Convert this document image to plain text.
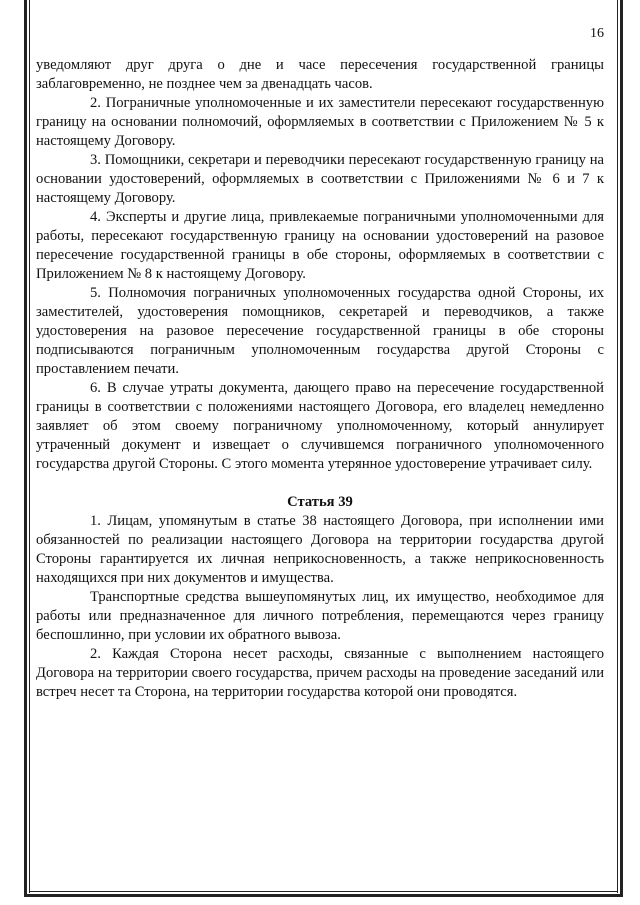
16

уведомляют друг друга о дне и часе пересечения государственной границы заблаговременно, не позднее чем за двенадцать часов.

2. Пограничные уполномоченные и их заместители пересекают государственную границу на основании полномочий, оформляемых в соответствии с Приложением № 5 к настоящему Договору.

3. Помощники, секретари и переводчики пересекают государственную границу на основании удостоверений, оформляемых в соответствии с Приложениями № 6 и 7 к настоящему Договору.

4. Эксперты и другие лица, привлекаемые пограничными уполномоченными для работы, пересекают государственную границу на основании удостоверений на разовое пересечение государственной границы в обе стороны, оформляемых в соответствии с Приложением № 8 к настоящему Договору.

5. Полномочия пограничных уполномоченных государства одной Стороны, их заместителей, удостоверения помощников, секретарей и переводчиков, а также удостоверения на разовое пересечение государственной границы в обе стороны подписываются пограничным уполномоченным государства другой Стороны с проставлением печати.

6. В случае утраты документа, дающего право на пересечение государственной границы в соответствии с положениями настоящего Договора, его владелец немедленно заявляет об этом своему пограничному уполномоченному, который аннулирует утраченный документ и извещает о случившемся пограничного уполномоченного государства другой Стороны. С этого момента утерянное удостоверение утрачивает силу.

Статья 39

1. Лицам, упомянутым в статье 38 настоящего Договора, при исполнении ими обязанностей по реализации настоящего Договора на территории государства другой Стороны гарантируется их личная неприкосновенность, а также неприкосновенность находящихся при них документов и имущества.

Транспортные средства вышеупомянутых лиц, их имущество, необходимое для работы или предназначенное для личного потребления, перемещаются через границу беспошлинно, при условии их обратного вывоза.

2. Каждая Сторона несет расходы, связанные с выполнением настоящего Договора на территории своего государства, причем расходы на проведение заседаний или встреч несет та Сторона, на территории государства которой они проводятся.
